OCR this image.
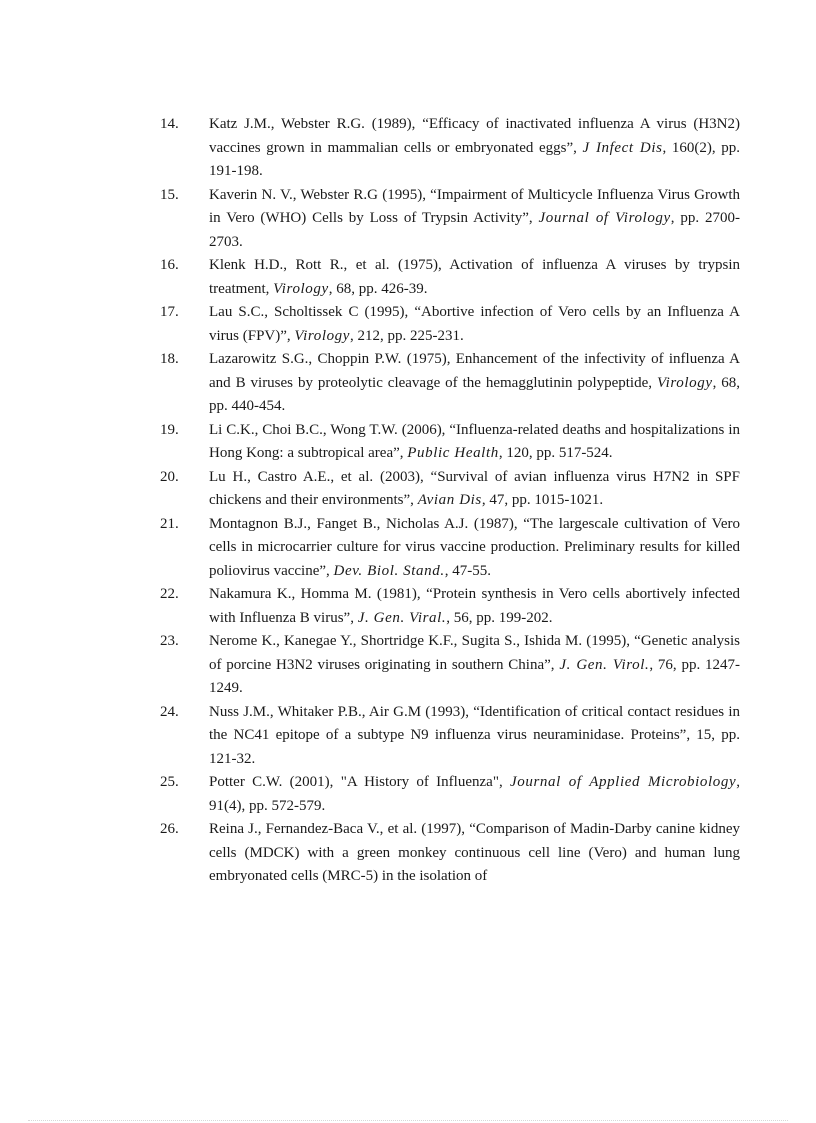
14.	Katz J.M., Webster R.G. (1989), “Efficacy of inactivated influenza A virus (H3N2) vaccines grown in mammalian cells or embryonated eggs”, J Infect Dis, 160(2), pp. 191-198.
15.	Kaverin N. V., Webster R.G (1995), “Impairment of Multicycle Influenza Virus Growth in Vero (WHO) Cells by Loss of Trypsin Activity”, Journal of Virology, pp. 2700-2703.
16.	Klenk H.D., Rott R., et al. (1975), Activation of influenza A viruses by trypsin treatment, Virology, 68, pp. 426-39.
17.	Lau S.C., Scholtissek C (1995), “Abortive infection of Vero cells by an Influenza A virus (FPV)”, Virology, 212, pp. 225-231.
18.	Lazarowitz S.G., Choppin P.W. (1975), Enhancement of the infectivity of influenza A and B viruses by proteolytic cleavage of the hemagglutinin polypeptide, Virology, 68, pp. 440-454.
19.	Li C.K., Choi B.C., Wong T.W. (2006), “Influenza-related deaths and hospitalizations in Hong Kong: a subtropical area”, Public Health, 120, pp. 517-524.
20.	Lu H., Castro A.E., et al. (2003), “Survival of avian influenza virus H7N2 in SPF chickens and their environments”, Avian Dis, 47, pp. 1015-1021.
21.	Montagnon B.J., Fanget B., Nicholas A.J. (1987), “The largescale cultivation of Vero cells in microcarrier culture for virus vaccine production. Preliminary results for killed poliovirus vaccine”, Dev. Biol. Stand., 47-55.
22.	Nakamura K., Homma M. (1981), “Protein synthesis in Vero cells abortively infected with Influenza B virus”, J. Gen. Viral., 56, pp. 199-202.
23.	Nerome K., Kanegae Y., Shortridge K.F., Sugita S., Ishida M. (1995), “Genetic analysis of porcine H3N2 viruses originating in southern China”, J. Gen. Virol., 76, pp. 1247-1249.
24.	Nuss J.M., Whitaker P.B., Air G.M (1993), “Identification of critical contact residues in the NC41 epitope of a subtype N9 influenza virus neuraminidase. Proteins”, 15, pp. 121-32.
25.	Potter C.W. (2001), "A History of Influenza", Journal of Applied Microbiology, 91(4), pp. 572-579.
26.	Reina J., Fernandez-Baca V., et al. (1997), “Comparison of Madin-Darby canine kidney cells (MDCK) with a green monkey continuous cell line (Vero) and human lung embryonated cells (MRC-5) in the isolation of
